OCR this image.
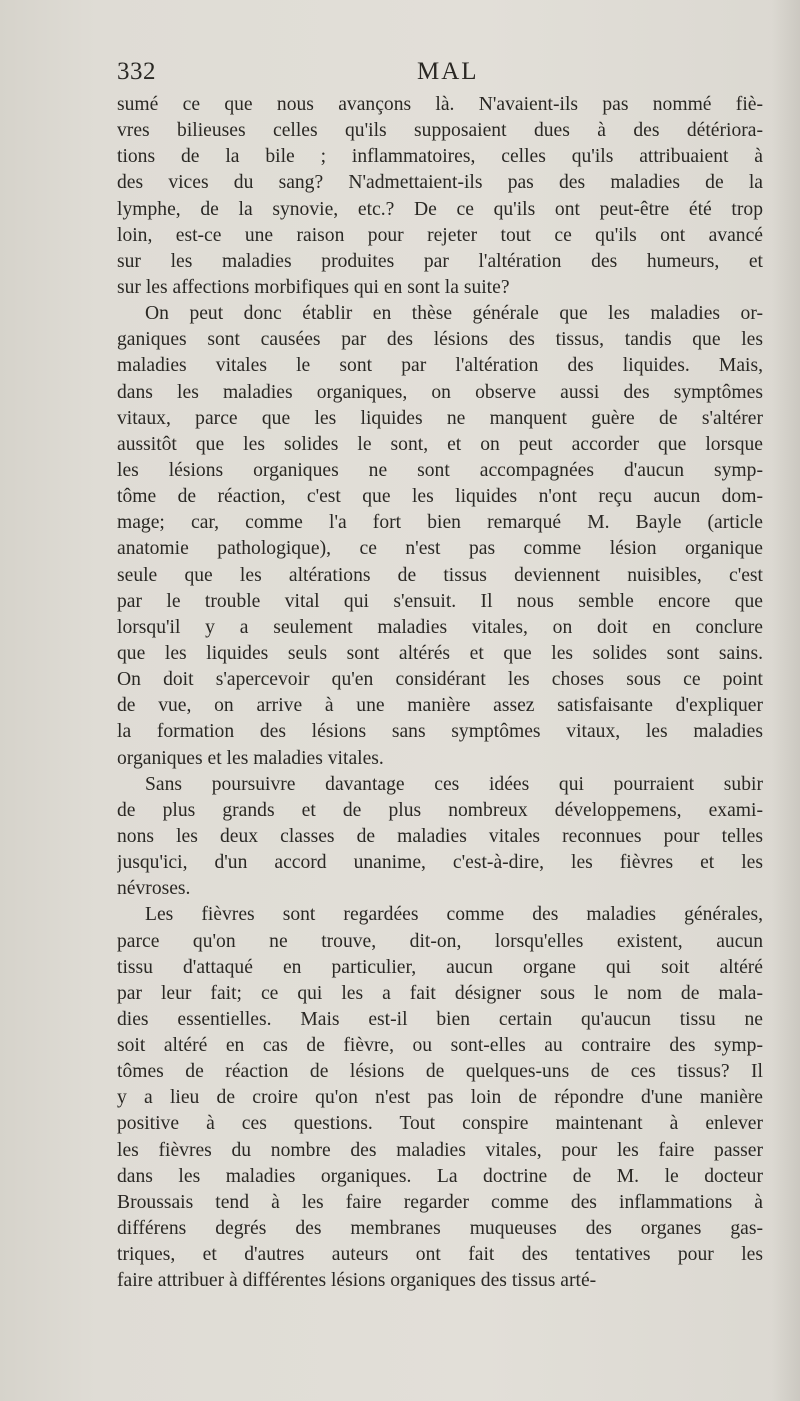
332	MAL
sumé ce que nous avançons là. N'avaient-ils pas nommé fiè-
vres bilieuses celles qu'ils supposaient dues à des détériora-
tions de la bile ; inflammatoires, celles qu'ils attribuaient à
des vices du sang? N'admettaient-ils pas des maladies de la
lymphe, de la synovie, etc.? De ce qu'ils ont peut-être été trop
loin, est-ce une raison pour rejeter tout ce qu'ils ont avancé
sur les maladies produites par l'altération des humeurs, et
sur les affections morbifiques qui en sont la suite?
On peut donc établir en thèse générale que les maladies or-
ganiques sont causées par des lésions des tissus, tandis que les
maladies vitales le sont par l'altération des liquides. Mais,
dans les maladies organiques, on observe aussi des symptômes
vitaux, parce que les liquides ne manquent guère de s'altérer
aussitôt que les solides le sont, et on peut accorder que lorsque
les lésions organiques ne sont accompagnées d'aucun symp-
tôme de réaction, c'est que les liquides n'ont reçu aucun dom-
mage; car, comme l'a fort bien remarqué M. Bayle (article
anatomie pathologique), ce n'est pas comme lésion organique
seule que les altérations de tissus deviennent nuisibles, c'est
par le trouble vital qui s'ensuit. Il nous semble encore que
lorsqu'il y a seulement maladies vitales, on doit en conclure
que les liquides seuls sont altérés et que les solides sont sains.
On doit s'apercevoir qu'en considérant les choses sous ce point
de vue, on arrive à une manière assez satisfaisante d'expliquer
la formation des lésions sans symptômes vitaux, les maladies
organiques et les maladies vitales.
Sans poursuivre davantage ces idées qui pourraient subir
de plus grands et de plus nombreux développemens, exami-
nons les deux classes de maladies vitales reconnues pour telles
jusqu'ici, d'un accord unanime, c'est-à-dire, les fièvres et les
névroses.
Les fièvres sont regardées comme des maladies générales,
parce qu'on ne trouve, dit-on, lorsqu'elles existent, aucun
tissu d'attaqué en particulier, aucun organe qui soit altéré
par leur fait; ce qui les a fait désigner sous le nom de mala-
dies essentielles. Mais est-il bien certain qu'aucun tissu ne
soit altéré en cas de fièvre, ou sont-elles au contraire des symp-
tômes de réaction de lésions de quelques-uns de ces tissus? Il
y a lieu de croire qu'on n'est pas loin de répondre d'une manière
positive à ces questions. Tout conspire maintenant à enlever
les fièvres du nombre des maladies vitales, pour les faire passer
dans les maladies organiques. La doctrine de M. le docteur
Broussais tend à les faire regarder comme des inflammations à
différens degrés des membranes muqueuses des organes gas-
triques, et d'autres auteurs ont fait des tentatives pour les
faire attribuer à différentes lésions organiques des tissus arté-
